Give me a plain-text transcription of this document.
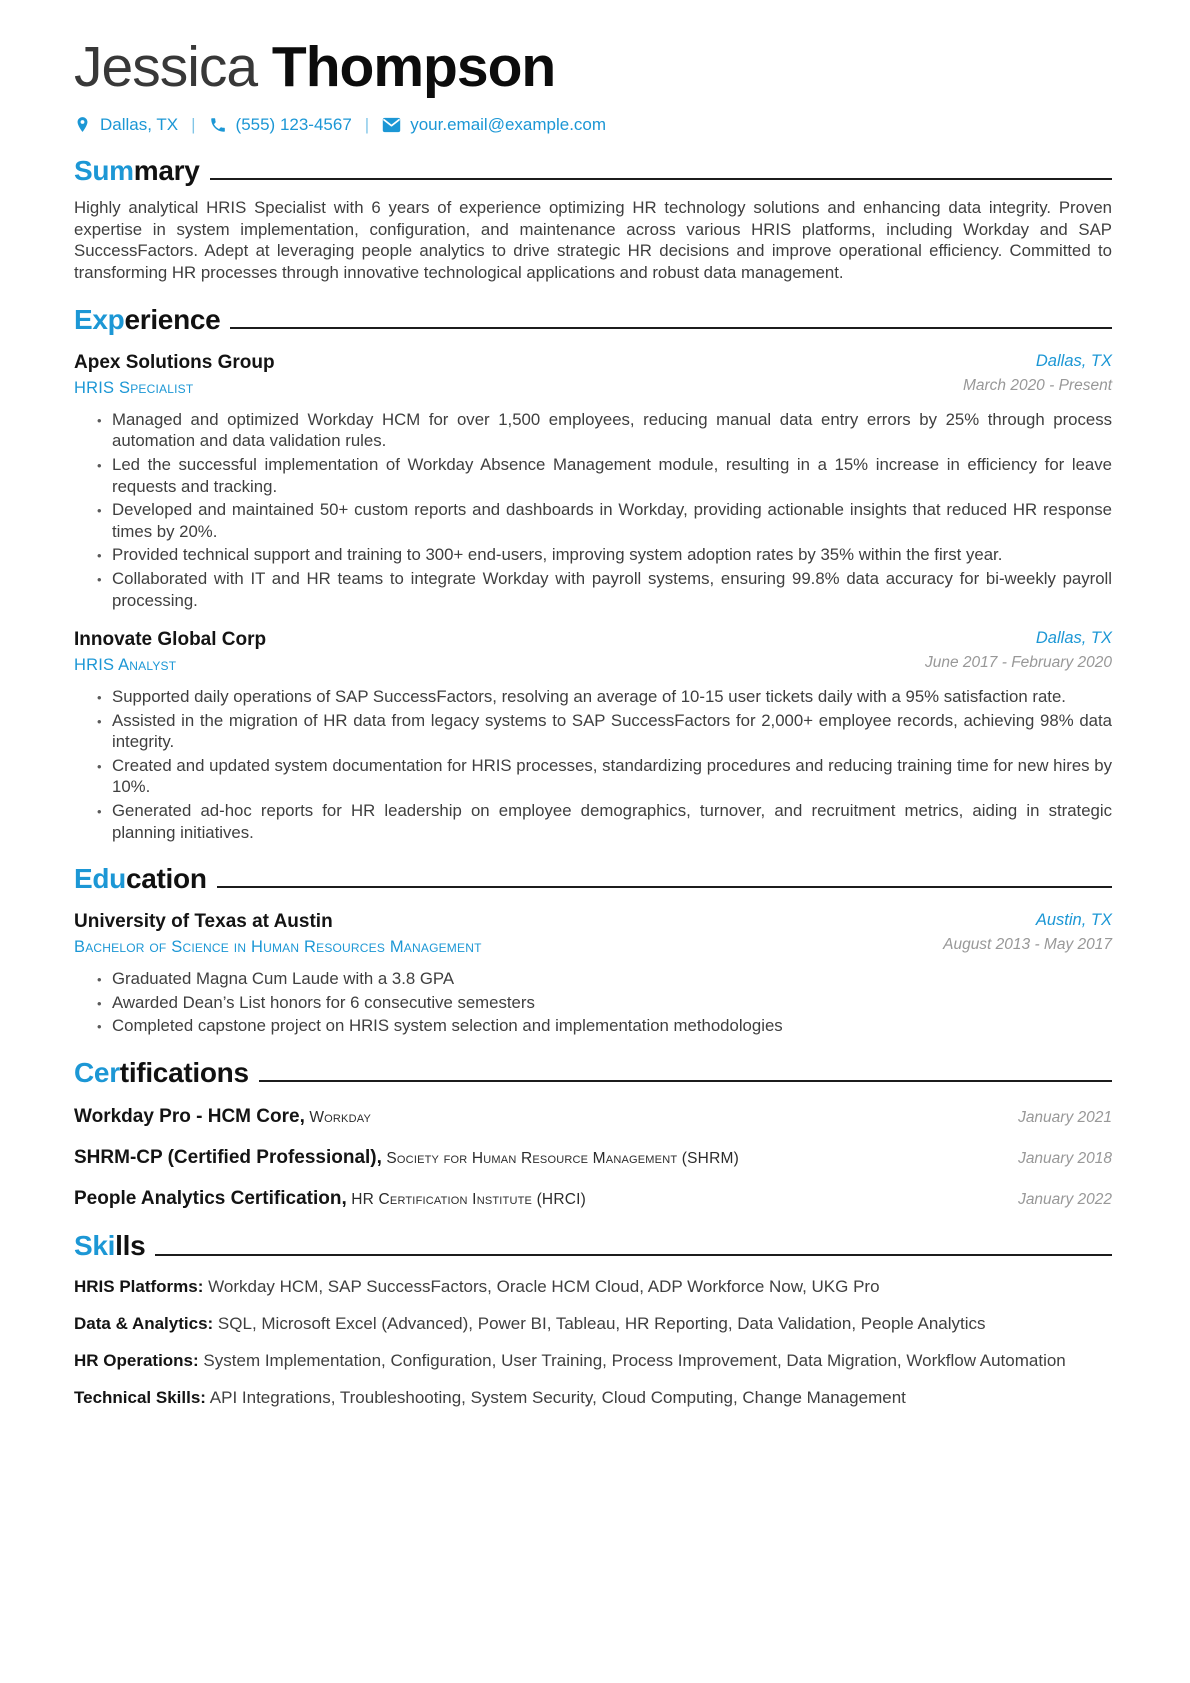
Jessica Thompson
Dallas, TX | (555) 123-4567 | your.email@example.com
Summary

Highly analytical HRIS Specialist with 6 years of experience optimizing HR technology solutions and enhancing data integrity. Proven expertise in system implementation, configuration, and maintenance across various HRIS platforms, including Workday and SAP SuccessFactors. Adept at leveraging people analytics to drive strategic HR decisions and improve operational efficiency. Committed to transforming HR processes through innovative technological applications and robust data management.

Experience
Apex Solutions Group
HRIS Specialist
Dallas, TX
March 2020 - Present
• Managed and optimized Workday HCM for over 1,500 employees, reducing manual data entry errors by 25% through process automation and data validation rules.
• Led the successful implementation of Workday Absence Management module, resulting in a 15% increase in efficiency for leave requests and tracking.
• Developed and maintained 50+ custom reports and dashboards in Workday, providing actionable insights that reduced HR response times by 20%.
• Provided technical support and training to 300+ end-users, improving system adoption rates by 35% within the first year.
• Collaborated with IT and HR teams to integrate Workday with payroll systems, ensuring 99.8% data accuracy for bi-weekly payroll processing.
Innovate Global Corp
HRIS Analyst
Dallas, TX
June 2017 - February 2020
• Supported daily operations of SAP SuccessFactors, resolving an average of 10-15 user tickets daily with a 95% satisfaction rate.
• Assisted in the migration of HR data from legacy systems to SAP SuccessFactors for 2,000+ employee records, achieving 98% data integrity.
• Created and updated system documentation for HRIS processes, standardizing procedures and reducing training time for new hires by 10%.
• Generated ad-hoc reports for HR leadership on employee demographics, turnover, and recruitment metrics, aiding in strategic planning initiatives.
Education
University of Texas at Austin
Bachelor of Science in Human Resources Management
Austin, TX
August 2013 - May 2017
• Graduated Magna Cum Laude with a 3.8 GPA
• Awarded Dean’s List honors for 6 consecutive semesters
• Completed capstone project on HRIS system selection and implementation methodologies
Certifications
Workday Pro - HCM Core, Workday	January 2021
SHRM-CP (Certified Professional), Society for Human Resource Management (SHRM)	January 2018
People Analytics Certification, HR Certification Institute (HRCI)	January 2022
Skills

HRIS Platforms: Workday HCM, SAP SuccessFactors, Oracle HCM Cloud, ADP Workforce Now, UKG Pro

Data & Analytics: SQL, Microsoft Excel (Advanced), Power BI, Tableau, HR Reporting, Data Validation, People Analytics

HR Operations: System Implementation, Configuration, User Training, Process Improvement, Data Migration, Workflow Automation

Technical Skills: API Integrations, Troubleshooting, System Security, Cloud Computing, Change Management
